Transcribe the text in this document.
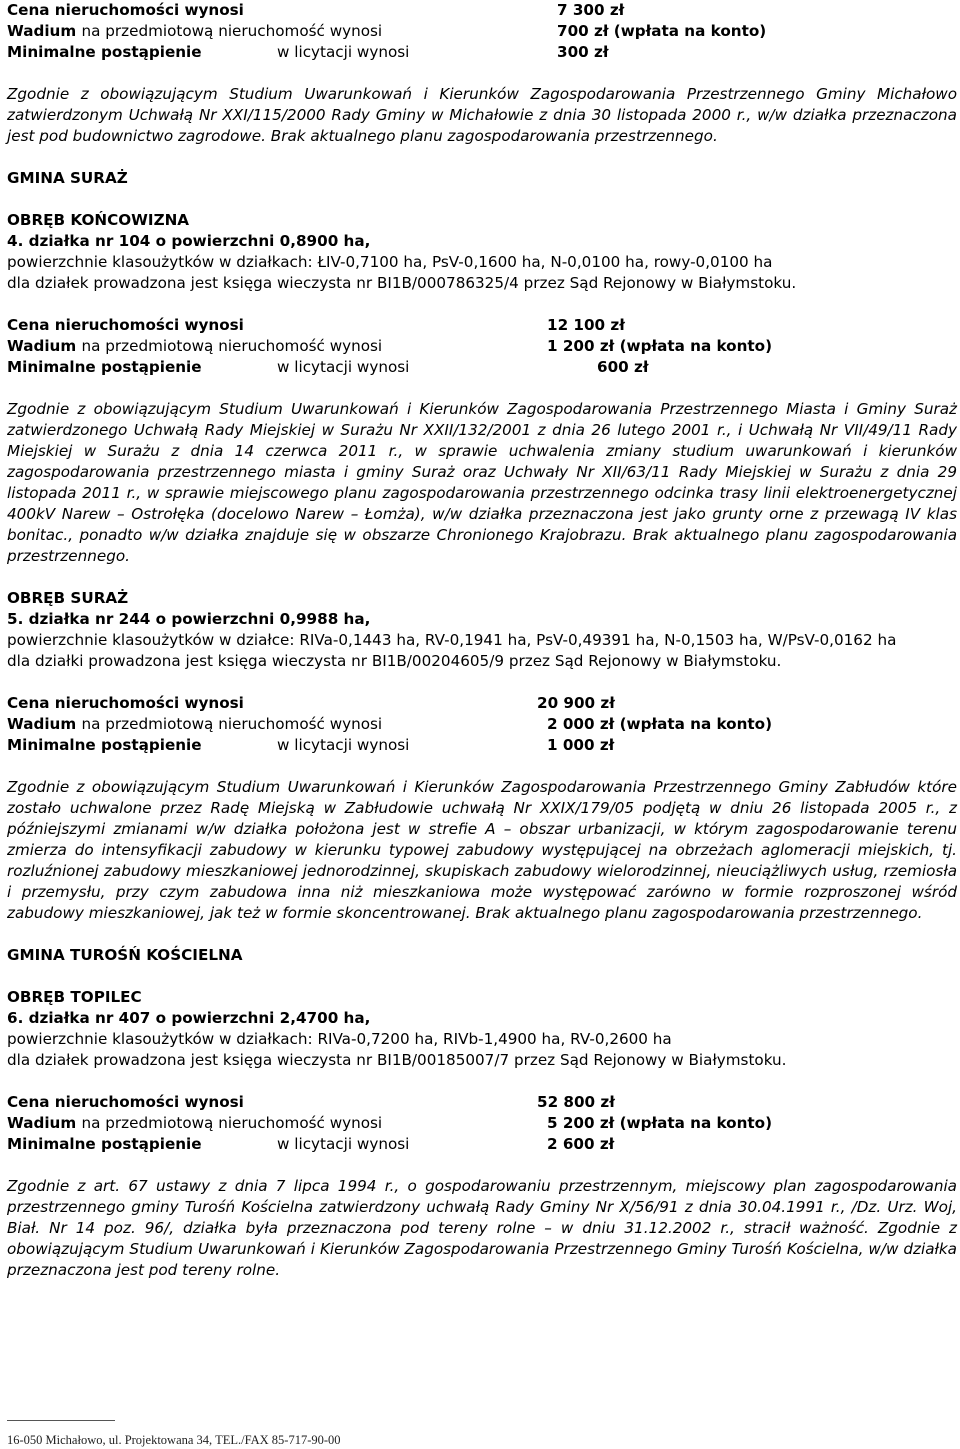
Cena nieruchomości wynosi	7 300 zł
Wadium na przedmiotową nieruchomość wynosi	700 zł (wpłata na konto)
Minimalne postąpienie	w licytacji wynosi	300 zł

Zgodnie z obowiązującym Studium Uwarunkowań i Kierunków Zagospodarowania Przestrzennego Gminy Michałowo zatwierdzonym Uchwałą Nr XXI/115/2000 Rady Gminy w Michałowie z dnia 30 listopada 2000 r., w/w działka przeznaczona jest pod budownictwo zagrodowe. Brak aktualnego planu zagospodarowania przestrzennego.

GMINA SURAŻ

OBRĘB KOŃCOWIZNA

4. działka nr 104 o powierzchni 0,8900 ha,

powierzchnie klasoużytków w działkach: ŁIV-0,7100 ha, PsV-0,1600 ha, N-0,0100 ha, rowy-0,0100 ha

dla działek prowadzona jest księga wieczysta nr BI1B/000786325/4 przez Sąd Rejonowy w Białymstoku.

Cena nieruchomości wynosi	12 100 zł
Wadium na przedmiotową nieruchomość wynosi	1 200 zł (wpłata na konto)
Minimalne postąpienie	w licytacji wynosi	600 zł

Zgodnie z obowiązującym Studium Uwarunkowań i Kierunków Zagospodarowania Przestrzennego Miasta i Gminy Suraż zatwierdzonego Uchwałą Rady Miejskiej w Surażu Nr XXII/132/2001 z dnia 26 lutego 2001 r., i Uchwałą Nr VII/49/11 Rady Miejskiej w Surażu z dnia 14 czerwca 2011 r., w sprawie uchwalenia zmiany studium uwarunkowań i kierunków zagospodarowania przestrzennego miasta i gminy Suraż oraz Uchwały Nr XII/63/11 Rady Miejskiej w Surażu z dnia 29 listopada 2011 r., w sprawie miejscowego planu zagospodarowania przestrzennego odcinka trasy linii elektroenergetycznej 400kV Narew – Ostrołęka (docelowo Narew – Łomża), w/w działka przeznaczona jest jako grunty orne z przewagą IV klas bonitac., ponadto w/w działka znajduje się w obszarze Chronionego Krajobrazu. Brak aktualnego planu zagospodarowania przestrzennego.

OBRĘB SURAŻ

5. działka nr 244 o powierzchni 0,9988 ha,

powierzchnie klasoużytków w działce: RIVa-0,1443 ha, RV-0,1941 ha, PsV-0,49391 ha, N-0,1503 ha, W/PsV-0,0162 ha

dla działki prowadzona jest księga wieczysta nr BI1B/00204605/9 przez Sąd Rejonowy w Białymstoku.

Cena nieruchomości wynosi	20 900 zł
Wadium na przedmiotową nieruchomość wynosi	2 000 zł (wpłata na konto)
Minimalne postąpienie	w licytacji wynosi	1 000 zł

Zgodnie z obowiązującym Studium Uwarunkowań i Kierunków Zagospodarowania Przestrzennego Gminy Zabłudów które zostało uchwalone przez Radę Miejską w Zabłudowie uchwałą Nr XXIX/179/05 podjętą w dniu 26 listopada 2005 r., z późniejszymi zmianami w/w działka położona jest w strefie A – obszar urbanizacji, w którym zagospodarowanie terenu zmierza do intensyfikacji zabudowy w kierunku typowej zabudowy występującej na obrzeżach aglomeracji miejskich, tj. rozluźnionej zabudowy mieszkaniowej jednorodzinnej, skupiskach zabudowy wielorodzinnej, nieuciążliwych usług, rzemiosła i przemysłu, przy czym zabudowa inna niż mieszkaniowa może występować zarówno w formie rozproszonej wśród zabudowy mieszkaniowej, jak też w formie skoncentrowanej. Brak aktualnego planu zagospodarowania przestrzennego.

GMINA TUROŚŃ KOŚCIELNA

OBRĘB TOPILEC

6. działka nr 407 o powierzchni 2,4700 ha,

powierzchnie klasoużytków w działkach: RIVa-0,7200 ha, RIVb-1,4900 ha, RV-0,2600 ha

dla działek prowadzona jest księga wieczysta nr BI1B/00185007/7 przez Sąd Rejonowy w Białymstoku.

Cena nieruchomości wynosi	52 800 zł
Wadium na przedmiotową nieruchomość wynosi	5 200 zł (wpłata na konto)
Minimalne postąpienie	w licytacji wynosi	2 600 zł

Zgodnie z art. 67 ustawy z dnia 7 lipca 1994 r., o gospodarowaniu przestrzennym, miejscowy plan zagospodarowania przestrzennego gminy Turośń Kościelna zatwierdzony uchwałą Rady Gminy Nr X/56/91 z dnia 30.04.1991 r., /Dz. Urz. Woj, Biał. Nr 14 poz. 96/, działka była przeznaczona pod tereny rolne – w dniu 31.12.2002 r., stracił ważność. Zgodnie z obowiązującym Studium Uwarunkowań i Kierunków Zagospodarowania Przestrzennego Gminy Turośń Kościelna, w/w działka przeznaczona jest pod tereny rolne.

16-050 Michałowo, ul. Projektowana 34, TEL./FAX 85-717-90-00
